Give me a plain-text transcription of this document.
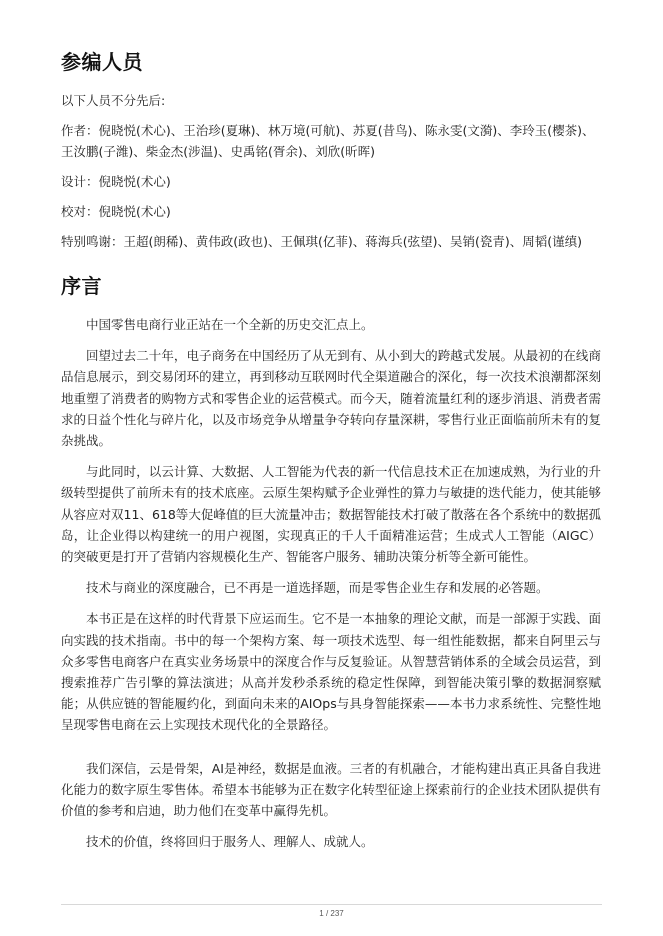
参编人员

以下人员不分先后:

作者：倪晓悦(术心)、王治珍(夏琳)、林万境(可航)、苏夏(昔鸟)、陈永雯(文漪)、李玲玉(樱茶)、王汝鹏(子潍)、柴金杰(涉温)、史禹铭(胥余)、刘欣(昕晖)

设计：倪晓悦(术心)

校对：倪晓悦(术心)

特别鸣谢：王超(朗稀)、黄伟政(政也)、王佩琪(亿菲)、蒋海兵(弦望)、吴销(瓷青)、周韬(谨缜)

序言

中国零售电商行业正站在一个全新的历史交汇点上。

回望过去二十年，电子商务在中国经历了从无到有、从小到大的跨越式发展。从最初的在线商品信息展示，到交易闭环的建立，再到移动互联网时代全渠道融合的深化，每一次技术浪潮都深刻地重塑了消费者的购物方式和零售企业的运营模式。而今天，随着流量红利的逐步消退、消费者需求的日益个性化与碎片化，以及市场竞争从增量争夺转向存量深耕，零售行业正面临前所未有的复杂挑战。

与此同时，以云计算、大数据、人工智能为代表的新一代信息技术正在加速成熟，为行业的升级转型提供了前所未有的技术底座。云原生架构赋予企业弹性的算力与敏捷的迭代能力，使其能够从容应对双11、618等大促峰值的巨大流量冲击；数据智能技术打破了散落在各个系统中的数据孤岛，让企业得以构建统一的用户视图，实现真正的千人千面精准运营；生成式人工智能（AIGC）的突破更是打开了营销内容规模化生产、智能客户服务、辅助决策分析等全新可能性。

技术与商业的深度融合，已不再是一道选择题，而是零售企业生存和发展的必答题。

本书正是在这样的时代背景下应运而生。它不是一本抽象的理论文献，而是一部源于实践、面向实践的技术指南。书中的每一个架构方案、每一项技术选型、每一组性能数据，都来自阿里云与众多零售电商客户在真实业务场景中的深度合作与反复验证。从智慧营销体系的全域会员运营，到搜索推荐广告引擎的算法演进；从高并发秒杀系统的稳定性保障，到智能决策引擎的数据洞察赋能；从供应链的智能履约化，到面向未来的AIOps与具身智能探索——本书力求系统性、完整性地呈现零售电商在云上实现技术现代化的全景路径。

我们深信，云是骨架，AI是神经，数据是血液。三者的有机融合，才能构建出真正具备自我进化能力的数字原生零售体。希望本书能够为正在数字化转型征途上探索前行的企业技术团队提供有价值的参考和启迪，助力他们在变革中赢得先机。

技术的价值，终将回归于服务人、理解人、成就人。

1 / 237
